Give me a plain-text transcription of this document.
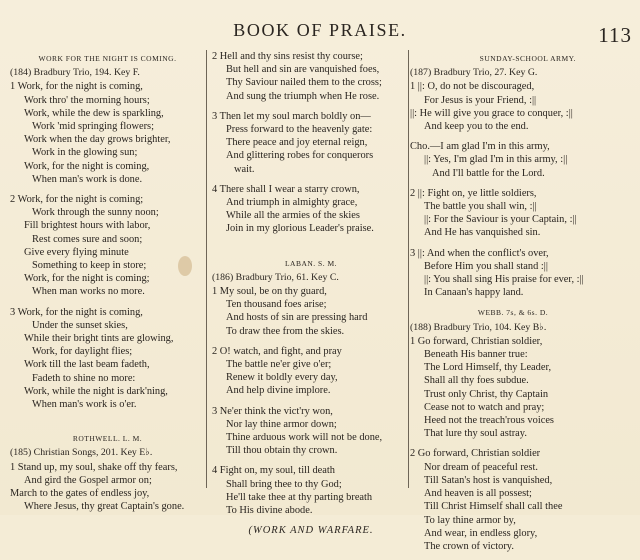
BOOK OF PRAISE.	113
WORK FOR THE NIGHT IS COMING.
(184) Bradbury Trio, 194. Key F.
1 Work, for the night is coming,
Work thro' the morning hours;
Work, while the dew is sparkling,
Work 'mid springing flowers;
Work when the day grows brighter,
Work in the glowing sun;
Work, for the night is coming,
When man's work is done.
2 Work, for the night is coming;
Work through the sunny noon;
Fill brightest hours with labor,
Rest comes sure and soon;
Give every flying minute
Something to keep in store;
Work, for the night is coming;
When man works no more.
3 Work, for the night is coming,
Under the sunset skies,
While their bright tints are glowing,
Work, for daylight flies;
Work till the last beam fadeth,
Fadeth to shine no more:
Work, while the night is dark'ning,
When man's work is o'er.
ROTHWELL. L. M.
(185) Christian Songs, 201. Key E♭.
1 Stand up, my soul, shake off thy fears,
And gird the Gospel armor on;
March to the gates of endless joy,
Where Jesus, thy great Captain's gone.
2 Hell and thy sins resist thy course;
But hell and sin are vanquished foes,
Thy Saviour nailed them to the cross;
And sung the triumph when He rose.
3 Then let my soul march boldly on—
Press forward to the heavenly gate:
There peace and joy eternal reign,
And glittering robes for conquerors
wait.
4 There shall I wear a starry crown,
And triumph in almighty grace,
While all the armies of the skies
Join in my glorious Leader's praise.
LABAN. S. M.
(186) Bradbury Trio, 61. Key C.
1 My soul, be on thy guard,
Ten thousand foes arise;
And hosts of sin are pressing hard
To draw thee from the skies.
2 O! watch, and fight, and pray
The battle ne'er give o'er;
Renew it boldly every day,
And help divine implore.
3 Ne'er think the vict'ry won,
Nor lay thine armor down;
Thine arduous work will not be done,
Till thou obtain thy crown.
4 Fight on, my soul, till death
Shall bring thee to thy God;
He'll take thee at thy parting breath
To His divine abode.
(WORK AND WARFARE.
SUNDAY-SCHOOL ARMY.
(187) Bradbury Trio, 27. Key G.
1 ||: O, do not be discouraged,
For Jesus is your Friend, :||
||: He will give you grace to conquer, :||
And keep you to the end.
Cho.—I am glad I'm in this army,
||: Yes, I'm glad I'm in this army, :||
And I'll battle for the Lord.
2 ||: Fight on, ye little soldiers,
The battle you shall win, :||
||: For the Saviour is your Captain, :||
And He has vanquished sin.
3 ||: And when the conflict's over,
Before Him you shall stand :||
||: You shall sing His praise for ever, :||
In Canaan's happy land.
WEBB. 7s, & 6s. D.
(188) Bradbury Trio, 104. Key B♭.
1 Go forward, Christian soldier,
Beneath His banner true:
The Lord Himself, thy Leader,
Shall all thy foes subdue.
Trust only Christ, thy Captain
Cease not to watch and pray;
Heed not the treach'rous voices
That lure thy soul astray.
2 Go forward, Christian soldier
Nor dream of peaceful rest.
Till Satan's host is vanquished,
And heaven is all possest;
Till Christ Himself shall call thee
To lay thine armor by,
And wear, in endless glory,
The crown of victory.
